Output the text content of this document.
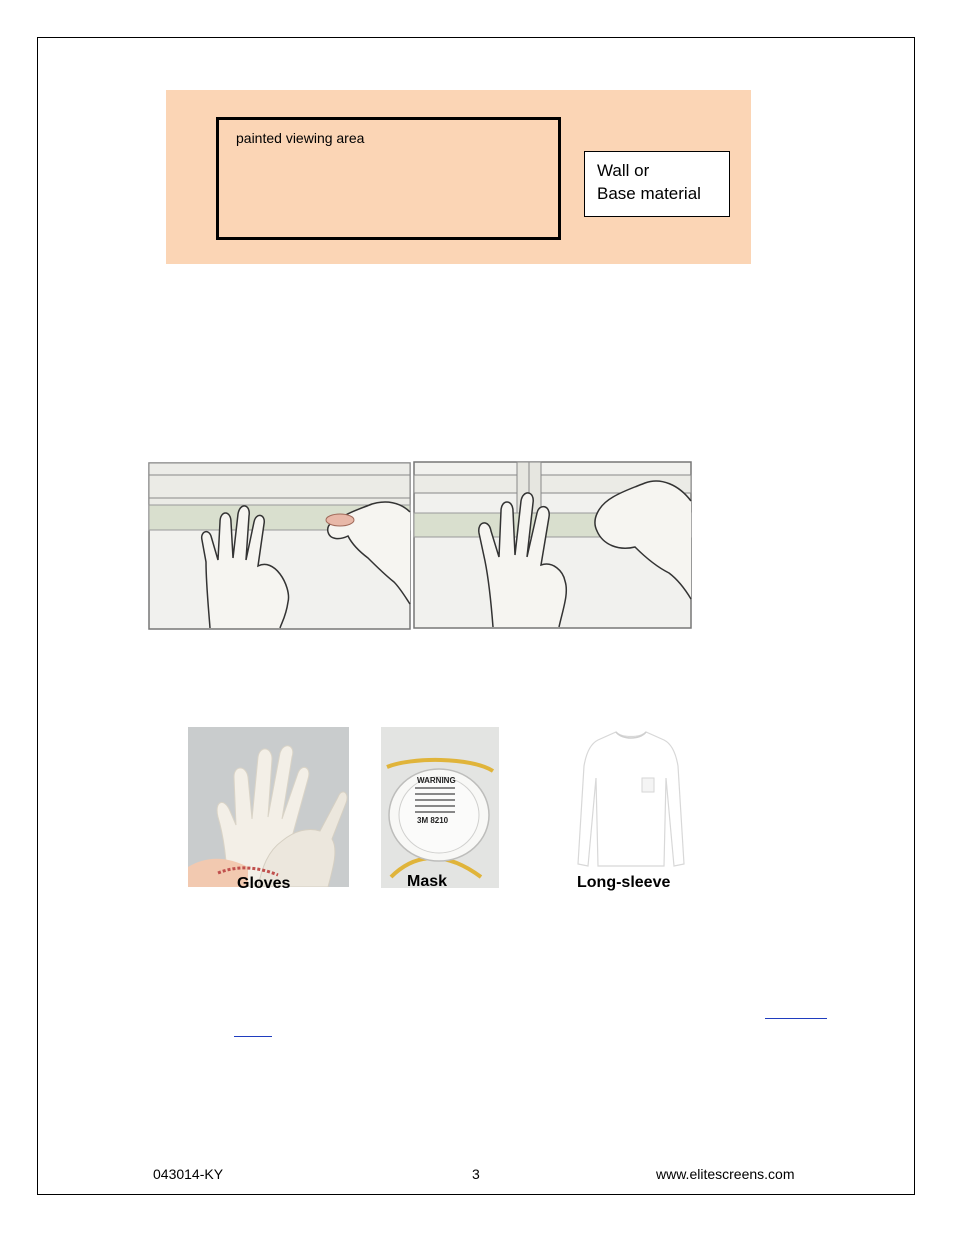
painted viewing area
Wall or
Base material
WARNING
3M 8210
Gloves	Mask	Long-sleeve
043014-KY	3	www.elitescreens.com
